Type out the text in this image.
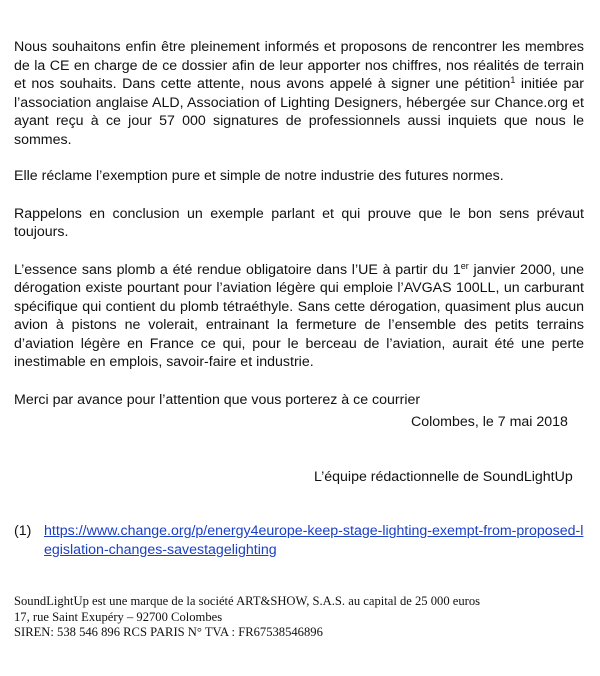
Nous souhaitons enfin être pleinement informés et proposons de rencontrer les membres de la CE en charge de ce dossier afin de leur apporter nos chiffres, nos réalités de terrain et nos souhaits. Dans cette attente, nous avons appelé à signer une pétition$^1$ initiée par l’association anglaise ALD, Association of Lighting Designers, hébergée sur Chance.org et ayant reçu à ce jour 57 000 signatures de professionnels aussi inquiets que nous le sommes.

Elle réclame l’exemption pure et simple de notre industrie des futures normes.

Rappelons en conclusion un exemple parlant et qui prouve que le bon sens prévaut toujours.

L’essence sans plomb a été rendue obligatoire dans l’UE à partir du 1er janvier 2000, une dérogation existe pourtant pour l’aviation légère qui emploie l’AVGAS 100LL, un carburant spécifique qui contient du plomb tétraéthyle. Sans cette dérogation, quasiment plus aucun avion à pistons ne volerait, entrainant la fermeture de l’ensemble des petits terrains d’aviation légère en France ce qui, pour le berceau de l’aviation, aurait été une perte inestimable en emplois, savoir-faire et industrie.

Merci par avance pour l’attention que vous porterez à ce courrier

Colombes, le 7 mai 2018
L’équipe rédactionnelle de SoundLightUp
(1) https://www.change.org/p/energy4europe-keep-stage-lighting-exempt-from-proposed-legislation-changes-savestagelighting
SoundLightUp est une marque de la société ART&SHOW, S.A.S. au capital de 25 000 euros
17, rue Saint Exupéry – 92700 Colombes
SIREN: 538 546 896 RCS PARIS N° TVA : FR67538546896
